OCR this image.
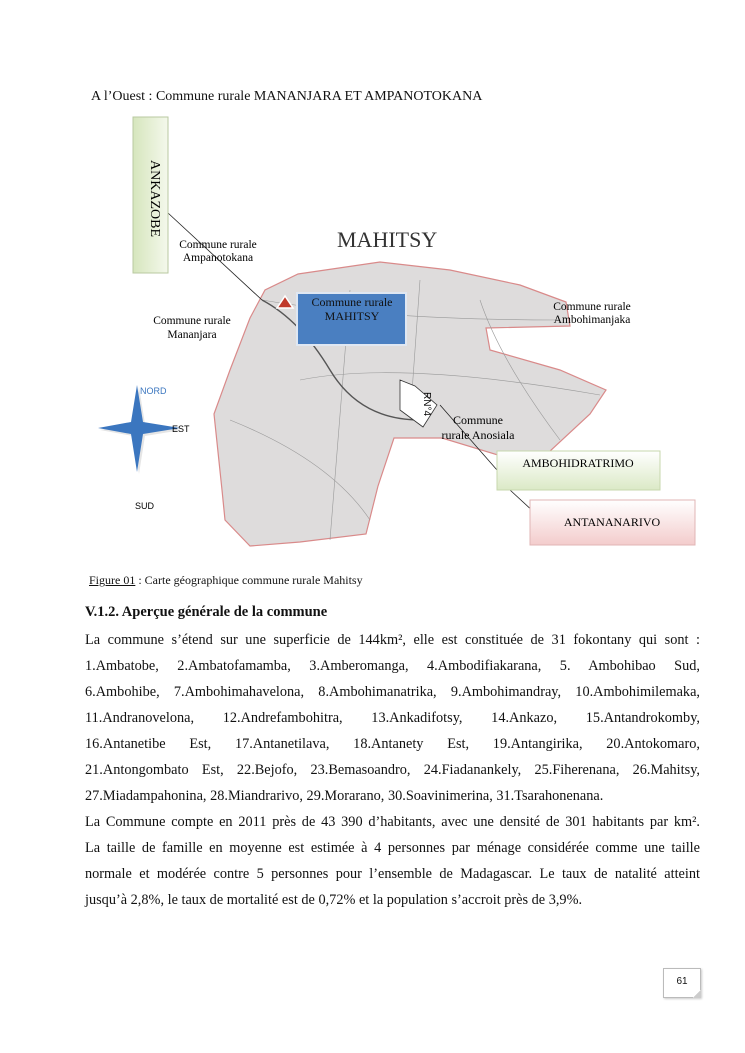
A l’Ouest : Commune rurale MANANJARA ET AMPANOTOKANA
ANKAZOBE
MAHITSY
Commune rurale
Ampanotokana
Commune rurale
Mananjara
Commune rurale
Ambohimanjaka
Commune
rurale Anosiala
Commune rurale
MAHITSY
RN°4
AMBOHIDRATRIMO
ANTANANARIVO
NORD
EST
SUD
Figure 01 : Carte géographique commune rurale Mahitsy
V.1.2. Aperçue générale de la commune
La commune s’étend sur une superficie de 144km², elle est constituée de 31 fokontany qui sont :
1.Ambatobe, 2.Ambatofamamba, 3.Amberomanga, 4.Ambodifiakarana, 5. Ambohibao Sud,
6.Ambohibe, 7.Ambohimahavelona, 8.Ambohimanatrika, 9.Ambohimandray, 10.Ambohimilemaka,
11.Andranovelona, 12.Andrefambohitra, 13.Ankadifotsy, 14.Ankazo, 15.Antandrokomby,
16.Antanetibe Est, 17.Antanetilava, 18.Antanety Est, 19.Antangirika, 20.Antokomaro,
21.Antongombato Est, 22.Bejofo, 23.Bemasoandro, 24.Fiadanankely, 25.Fiherenana, 26.Mahitsy,
27.Miadampahonina, 28.Miandrarivo, 29.Morarano, 30.Soavinimerina, 31.Tsarahonenana.
La Commune compte en 2011 près de 43 390 d’habitants, avec une densité de 301 habitants par km².
La taille de famille en moyenne est estimée à 4 personnes par ménage considérée comme une taille
normale et modérée contre 5 personnes pour l’ensemble de Madagascar. Le taux de natalité atteint
jusqu’à 2,8%, le taux de mortalité est de 0,72% et la population s’accroit près de 3,9%.
61
